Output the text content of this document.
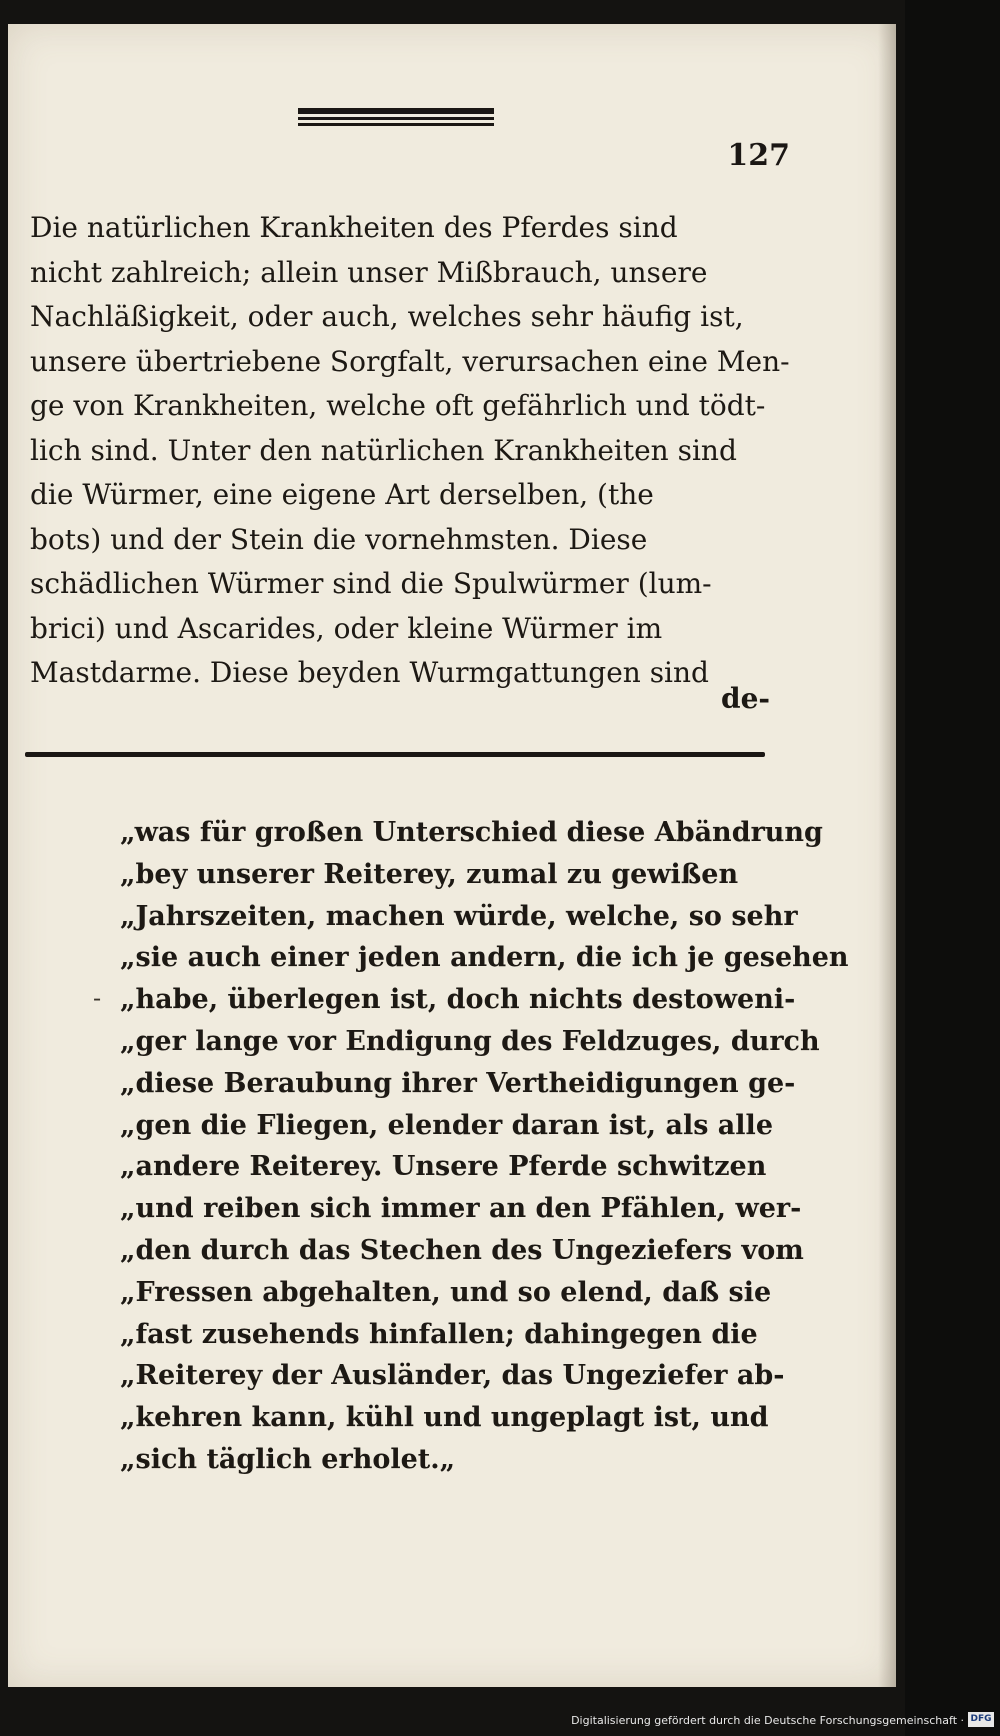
127
Die natürlichen Krankheiten des Pferdes sind
nicht zahlreich; allein unser Mißbrauch, unsere
Nachläßigkeit, oder auch, welches sehr häufig ist,
unsere übertriebene Sorgfalt, verursachen eine Men-
ge von Krankheiten, welche oft gefährlich und tödt-
lich sind. Unter den natürlichen Krankheiten sind
die Würmer, eine eigene Art derselben, (the
bots) und der Stein die vornehmsten. Diese
schädlichen Würmer sind die Spulwürmer (lum-
brici) und Ascarides, oder kleine Würmer im
Mastdarme. Diese beyden Wurmgattungen sind
de-
-
„was für großen Unterschied diese Abändrung
„bey unserer Reiterey, zumal zu gewißen
„Jahrszeiten, machen würde, welche, so sehr
„sie auch einer jeden andern, die ich je gesehen
„habe, überlegen ist, doch nichts destoweni-
„ger lange vor Endigung des Feldzuges, durch
„diese Beraubung ihrer Vertheidigungen ge-
„gen die Fliegen, elender daran ist, als alle
„andere Reiterey. Unsere Pferde schwitzen
„und reiben sich immer an den Pfählen, wer-
„den durch das Stechen des Ungeziefers vom
„Fressen abgehalten, und so elend, daß sie
„fast zusehends hinfallen; dahingegen die
„Reiterey der Ausländer, das Ungeziefer ab-
„kehren kann, kühl und ungeplagt ist, und
„sich täglich erholet.„
Digitalisierung gefördert durch die Deutsche Forschungsgemeinschaft · DFG
